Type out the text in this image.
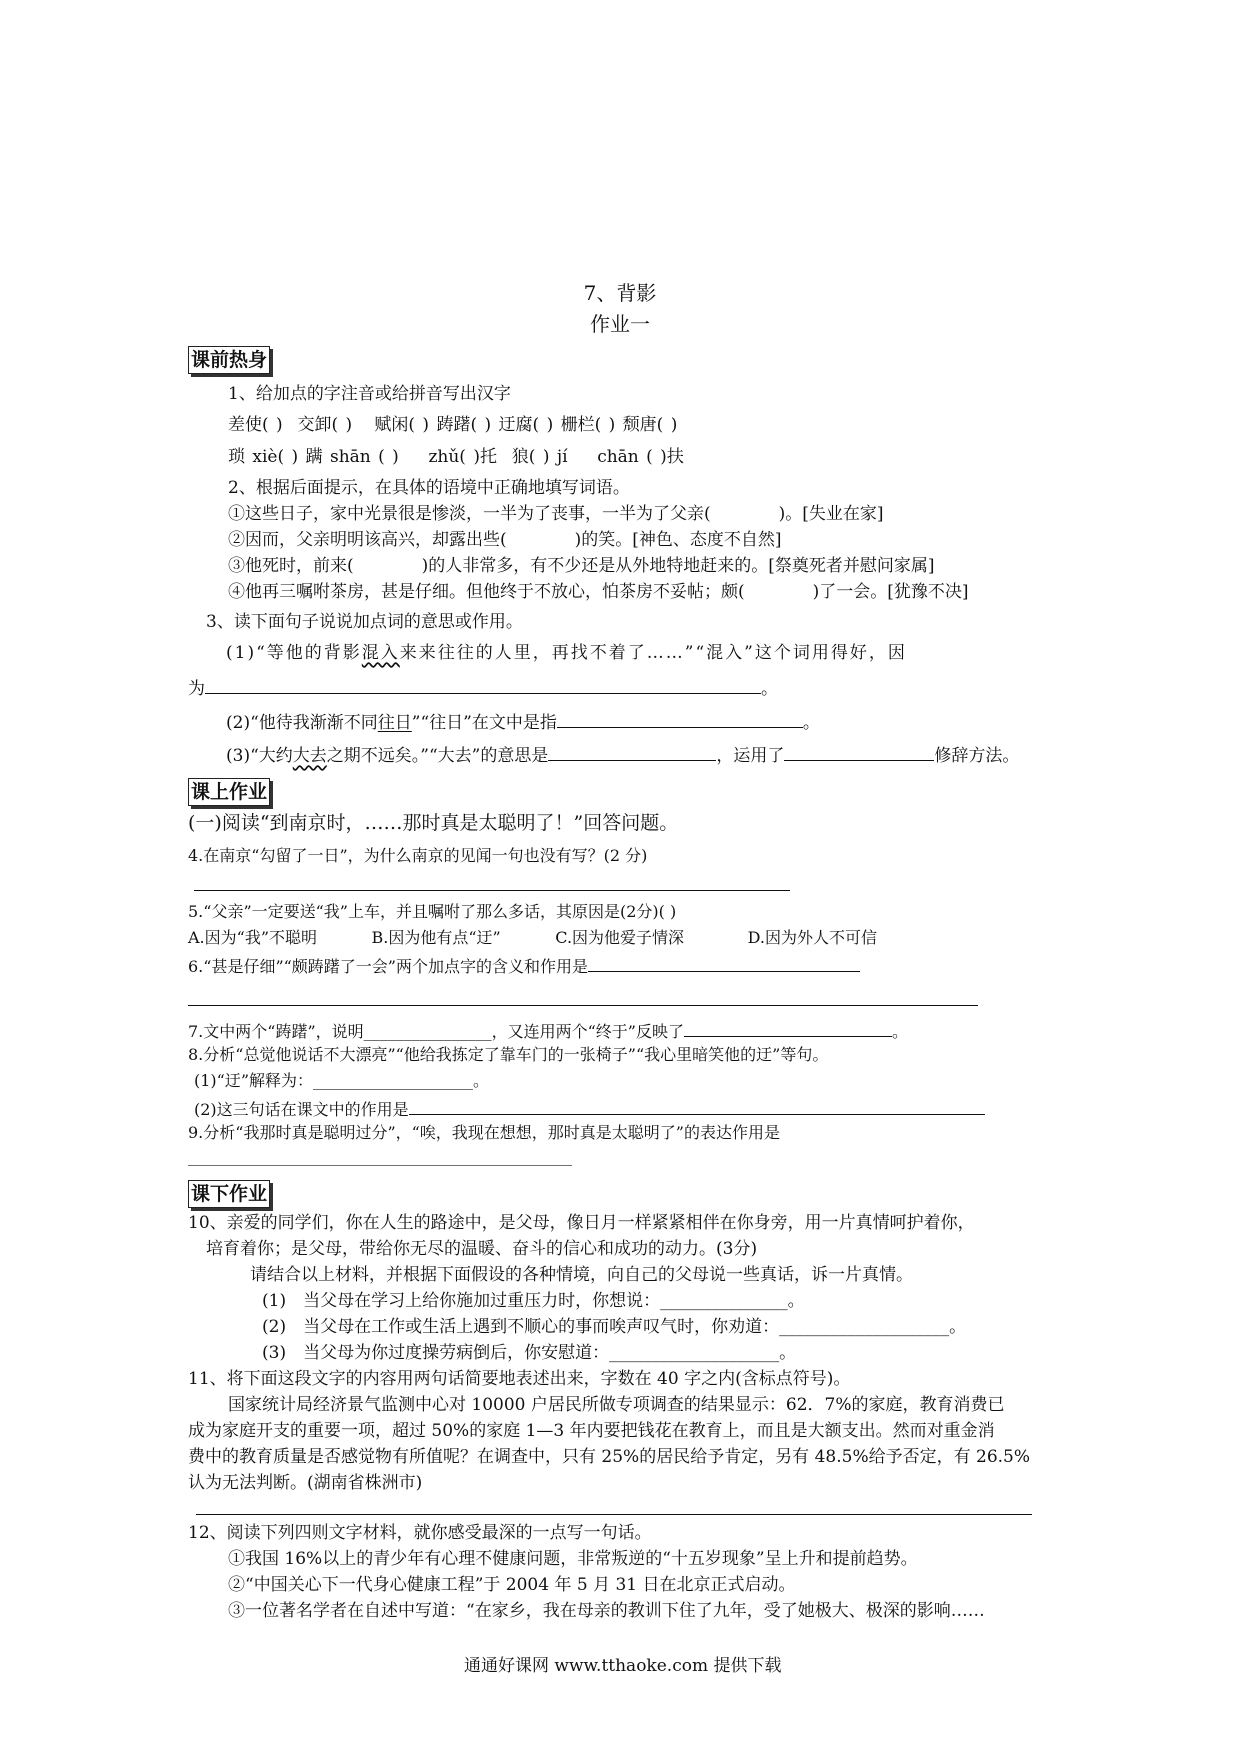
7、背影
作业一
课前热身
1、给加点的字注音或给拼音写出汉字
差使( ) 交卸( ) 赋闲( ) 踌躇( ) 迂腐( ) 栅栏( ) 颓唐( )
琐 xiè( ) 蹒 shān ( ) zhǔ( )托 狼( ) jí chān ( )扶
2、根据后面提示，在具体的语境中正确地填写词语。
①这些日子，家中光景很是惨淡，一半为了丧事，一半为了父亲(　　　　)。[失业在家]
②因而，父亲明明该高兴，却露出些(　　　　)的笑。[神色、态度不自然]
③他死时，前来(　　　　)的人非常多，有不少还是从外地特地赶来的。[祭奠死者并慰问家属]
④他再三嘱咐茶房，甚是仔细。但他终于不放心，怕茶房不妥帖；颇(　　　　)了一会。[犹豫不决]
3、读下面句子说说加点词的意思或作用。
(1)“等他的背影混入来来往往的人里，再找不着了……”“混入”这个词用得好，因
为	。
(2)“他待我渐渐不同往日”“往日”在文中是指	。
(3)“大约大去之期不远矣。”“大去”的意思是	，运用了	修辞方法。
课上作业
(一)阅读“到南京时，……那时真是太聪明了！”回答问题。
4.在南京“勾留了一日”，为什么南京的见闻一句也没有写？(2 分)
5.“父亲”一定要送“我”上车，并且嘱咐了那么多话，其原因是(2分)( )
A.因为“我”不聪明	B.因为他有点“迂”	C.因为他爱子情深	D.因为外人不可信
6.“甚是仔细”“颇踌躇了一会”两个加点字的含义和作用是
7.文中两个“踌躇”，说明________________，又连用两个“终于”反映了	。
8.分析“总觉他说话不大漂亮”“他给我拣定了靠车门的一张椅子”“我心里暗笑他的迂”等句。
(1)“迂”解释为：____________________。
(2)这三句话在课文中的作用是
9.分析“我那时真是聪明过分”，“唉，我现在想想，那时真是太聪明了”的表达作用是
________________________________________________
课下作业
10、亲爱的同学们，你在人生的路途中，是父母，像日月一样紧紧相伴在你身旁，用一片真情呵护着你，
培育着你；是父母，带给你无尽的温暖、奋斗的信心和成功的动力。(3分)
请结合以上材料，并根据下面假设的各种情境，向自己的父母说一些真话，诉一片真情。
(1)　当父母在学习上给你施加过重压力时，你想说：_______________。
(2)　当父母在工作或生活上遇到不顺心的事而唉声叹气时，你劝道：____________________。
(3)　当父母为你过度操劳病倒后，你安慰道：____________________。
11、将下面这段文字的内容用两句话简要地表述出来，字数在 40 字之内(含标点符号)。
国家统计局经济景气监测中心对 10000 户居民所做专项调查的结果显示：62．7%的家庭，教育消费已
成为家庭开支的重要一项，超过 50%的家庭 1—3 年内要把钱花在教育上，而且是大额支出。然而对重金消
费中的教育质量是否感觉物有所值呢？在调查中，只有 25%的居民给予肯定，另有 48.5%给予否定，有 26.5%
认为无法判断。(湖南省株洲市)
12、阅读下列四则文字材料，就你感受最深的一点写一句话。
①我国 16%以上的青少年有心理不健康问题，非常叛逆的“十五岁现象”呈上升和提前趋势。
②“中国关心下一代身心健康工程”于 2004 年 5 月 31 日在北京正式启动。
③一位著名学者在自述中写道：“在家乡，我在母亲的教训下住了九年，受了她极大、极深的影响……
通通好课网 www.tthaoke.com 提供下载
